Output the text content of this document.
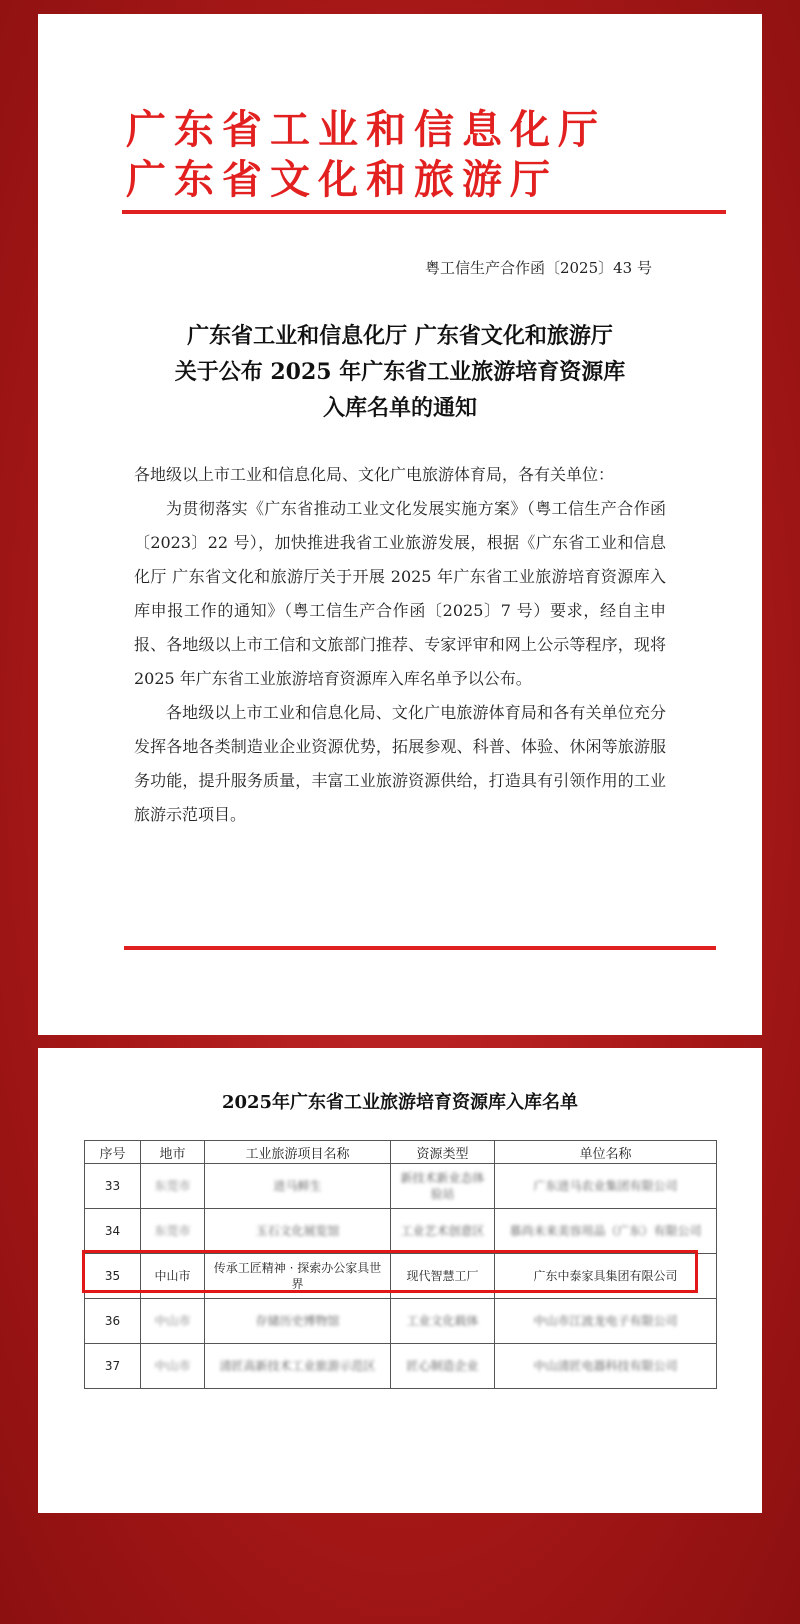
广东省工业和信息化厅
广东省文化和旅游厅
粤工信生产合作函〔2025〕43 号
广东省工业和信息化厅 广东省文化和旅游厅
关于公布 2025 年广东省工业旅游培育资源库
入库名单的通知

各地级以上市工业和信息化局、文化广电旅游体育局，各有关单位：

为贯彻落实《广东省推动工业文化发展实施方案》（粤工信生产合作函〔2023〕22 号），加快推进我省工业旅游发展，根据《广东省工业和信息化厅 广东省文化和旅游厅关于开展 2025 年广东省工业旅游培育资源库入库申报工作的通知》（粤工信生产合作函〔2025〕7 号）要求，经自主申报、各地级以上市工信和文旅部门推荐、专家评审和网上公示等程序，现将 2025 年广东省工业旅游培育资源库入库名单予以公布。

各地级以上市工业和信息化局、文化广电旅游体育局和各有关单位充分发挥各地各类制造业企业资源优势，拓展参观、科普、体验、休闲等旅游服务功能，提升服务质量，丰富工业旅游资源供给，打造具有引领作用的工业旅游示范项目。

2025年广东省工业旅游培育资源库入库名单
序号	地市	工业旅游项目名称	资源类型	单位名称
33	东莞市	进马鲜生	新技术新业态体验站	广东进马农业集团有限公司
34	东莞市	玉石文化展览馆	工业艺术创意区	慕尚未来美容用品（广东）有限公司
35	中山市	传承工匠精神 · 探索办公家具世界	现代智慧工厂	广东中泰家具集团有限公司
36	中山市	存储历史博物馆	工业文化载体	中山市江波龙电子有限公司
37	中山市	清匠高新技术工业旅游示范区	匠心制造企业	中山清匠电器科技有限公司
